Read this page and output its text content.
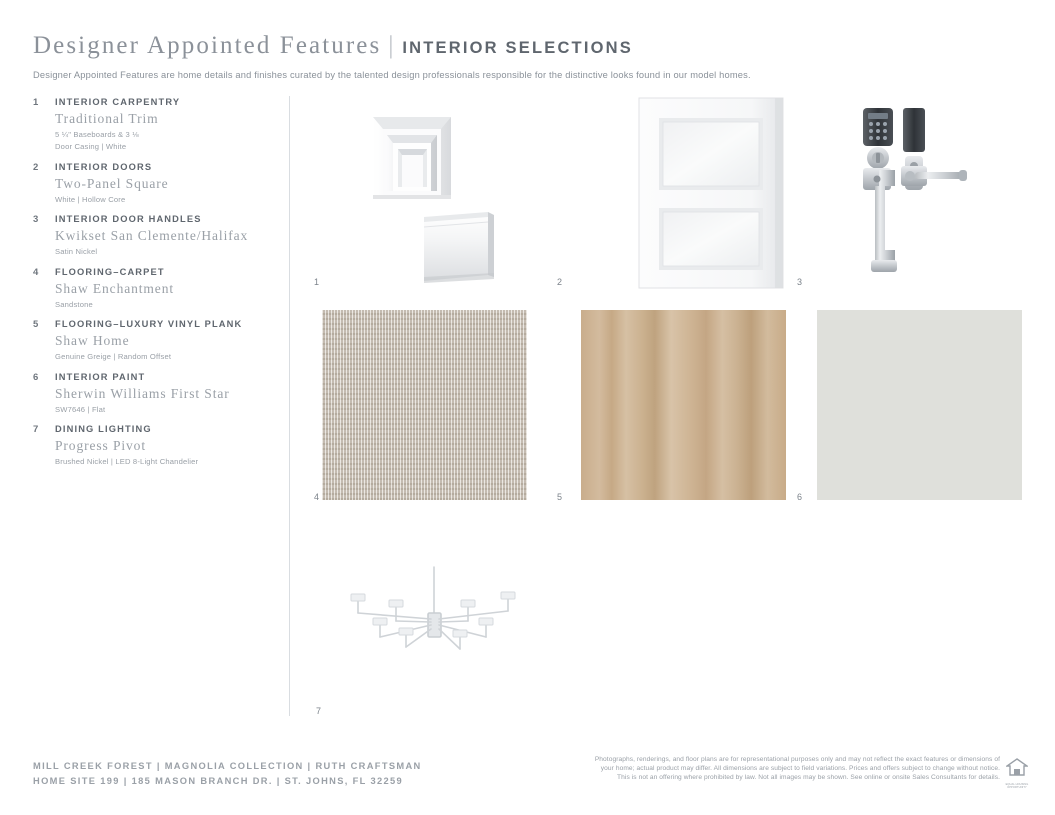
Designer Appointed Features | INTERIOR SELECTIONS
Designer Appointed Features are home details and finishes curated by the talented design professionals responsible for the distinctive looks found in our model homes.
1	INTERIOR CARPENTRY
Traditional Trim
5 ¼" Baseboards & 3 ⅛
Door Casing | White
2	INTERIOR DOORS
Two-Panel Square
White | Hollow Core
3	INTERIOR DOOR HANDLES
Kwikset San Clemente/Halifax
Satin Nickel
4	FLOORING–CARPET
Shaw Enchantment
Sandstone
5	FLOORING–LUXURY VINYL PLANK
Shaw Home
Genuine Greige | Random Offset
6	INTERIOR PAINT
Sherwin Williams First Star
SW7646 | Flat
7	DINING LIGHTING
Progress Pivot
Brushed Nickel | LED 8-Light Chandelier
1	2	3
4	5	6
7
MILL CREEK FOREST | MAGNOLIA COLLECTION | RUTH CRAFTSMAN
HOME SITE 199 | 185 MASON BRANCH DR. | ST. JOHNS, FL 32259
Photographs, renderings, and floor plans are for representational purposes only and may not reflect the exact features or dimensions of
your home; actual product may differ. All dimensions are subject to field variations. Prices and offers subject to change without notice.
This is not an offering where prohibited by law. Not all images may be shown. See online or onsite Sales Consultants for details.
EQUAL HOUSING OPPORTUNITY
